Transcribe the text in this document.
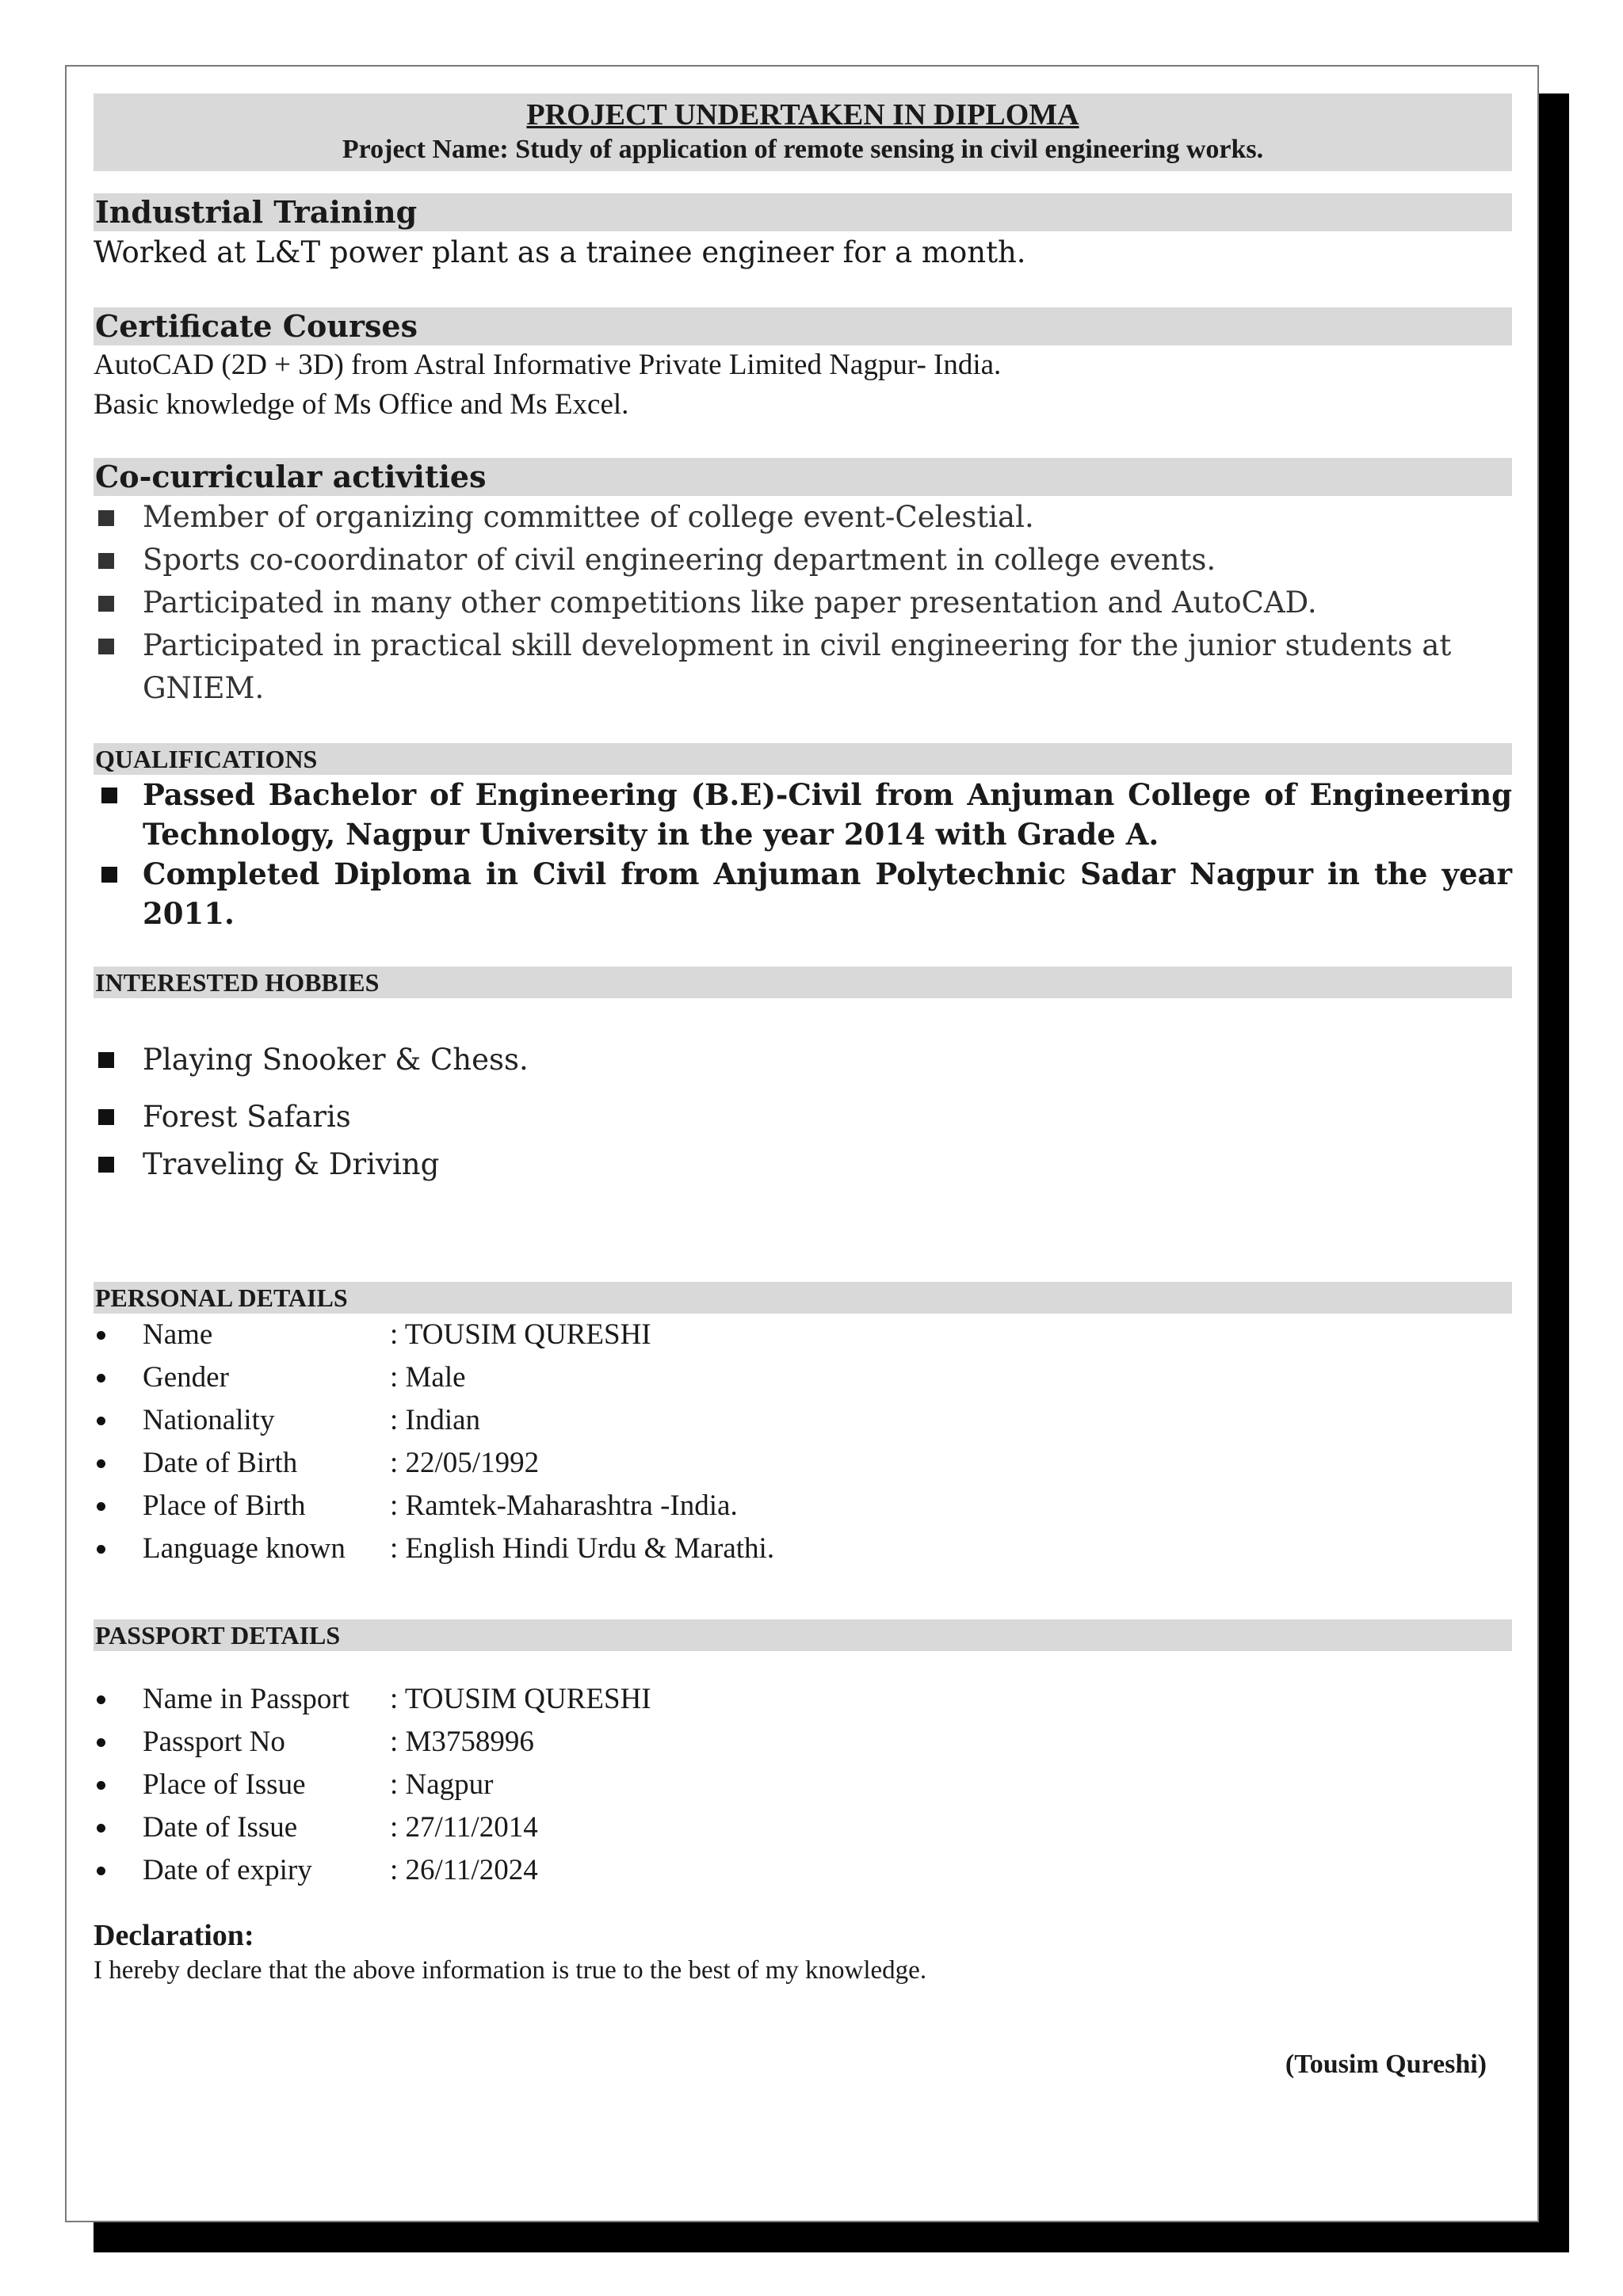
PROJECT UNDERTAKEN IN DIPLOMA
Project Name: Study of application of remote sensing in civil engineering works.
Industrial Training
Worked at L&T power plant as a trainee engineer for a month.
Certificate Courses
AutoCAD (2D + 3D) from Astral Informative Private Limited Nagpur- India.
Basic knowledge of Ms Office and Ms Excel.
Co-curricular activities
Member of organizing committee of college event-Celestial.
Sports co-coordinator of civil engineering department in college events.
Participated in many other competitions like paper presentation and AutoCAD.
Participated in practical skill development in civil engineering for the junior students at GNIEM.
QUALIFICATIONS
Passed Bachelor of Engineering (B.E)-Civil from Anjuman College of Engineering Technology, Nagpur University in the year 2014 with Grade A.
Completed Diploma in Civil from Anjuman Polytechnic Sadar Nagpur in the year 2011.
INTERESTED HOBBIES
Playing Snooker & Chess.
Forest Safaris
Traveling & Driving
PERSONAL DETAILS
Name	: TOUSIM QURESHI
Gender	: Male
Nationality	: Indian
Date of Birth	: 22/05/1992
Place of Birth	: Ramtek-Maharashtra -India.
Language known	: English Hindi Urdu & Marathi.
PASSPORT DETAILS
Name in Passport	: TOUSIM QURESHI
Passport No	: M3758996
Place of Issue	: Nagpur
Date of Issue	: 27/11/2014
Date of expiry	: 26/11/2024
Declaration:
I hereby declare that the above information is true to the best of my knowledge.
(Tousim Qureshi)
